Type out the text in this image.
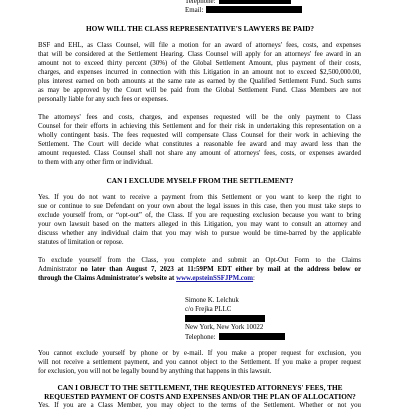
Telephone:
Email:
HOW WILL THE CLASS REPRESENTATIVE'S LAWYERS BE PAID?
BSF and EHL, as Class Counsel, will file a motion for an award of attorneys' fees, costs, and expenses
that will be considered at the Settlement Hearing. Class Counsel will apply for an attorneys' fee award in an
amount not to exceed thirty percent (30%) of the Global Settlement Amount, plus payment of their costs,
charges, and expenses incurred in connection with this Litigation in an amount not to exceed $2,500,000.00,
plus interest earned on both amounts at the same rate as earned by the Qualified Settlement Fund. Such sums
as may be approved by the Court will be paid from the Global Settlement Fund. Class Members are not
personally liable for any such fees or expenses.
The attorneys' fees and costs, charges, and expenses requested will be the only payment to Class
Counsel for their efforts in achieving this Settlement and for their risk in undertaking this representation on a
wholly contingent basis. The fees requested will compensate Class Counsel for their work in achieving the
Settlement. The Court will decide what constitutes a reasonable fee award and may award less than the
amount requested. Class Counsel shall not share any amount of attorneys' fees, costs, or expenses awarded
to them with any other firm or individual.
CAN I EXCLUDE MYSELF FROM THE SETTLEMENT?
Yes. If you do not want to receive a payment from this Settlement or you want to keep the right to
sue or continue to sue Defendant on your own about the legal issues in this case, then you must take steps to
exclude yourself from, or “opt-out” of, the Class. If you are requesting exclusion because you want to bring
your own lawsuit based on the matters alleged in this Litigation, you may want to consult an attorney and
discuss whether any individual claim that you may wish to pursue would be time-barred by the applicable
statutes of limitation or repose.
To exclude yourself from the Class, you complete and submit an Opt-Out Form to the Claims
Administrator no later than August 7, 2023 at 11:59PM EDT either by mail at the address below or
through the Claims Administrator's website at www.epsteinSSFJPM.com:
Simone K. Lelchuk
c/o Frejka PLLC
New York, New York 10022
Telephone:
You cannot exclude yourself by phone or by e-mail. If you make a proper request for exclusion, you
will not receive a settlement payment, and you cannot object to the Settlement. If you make a proper request
for exclusion, you will not be legally bound by anything that happens in this lawsuit.
CAN I OBJECT TO THE SETTLEMENT, THE REQUESTED ATTORNEYS' FEES, THE
REQUESTED PAYMENT OF COSTS AND EXPENSES AND/OR THE PLAN OF ALLOCATION?
Yes. If you are a Class Member, you may object to the terms of the Settlement. Whether or not you
